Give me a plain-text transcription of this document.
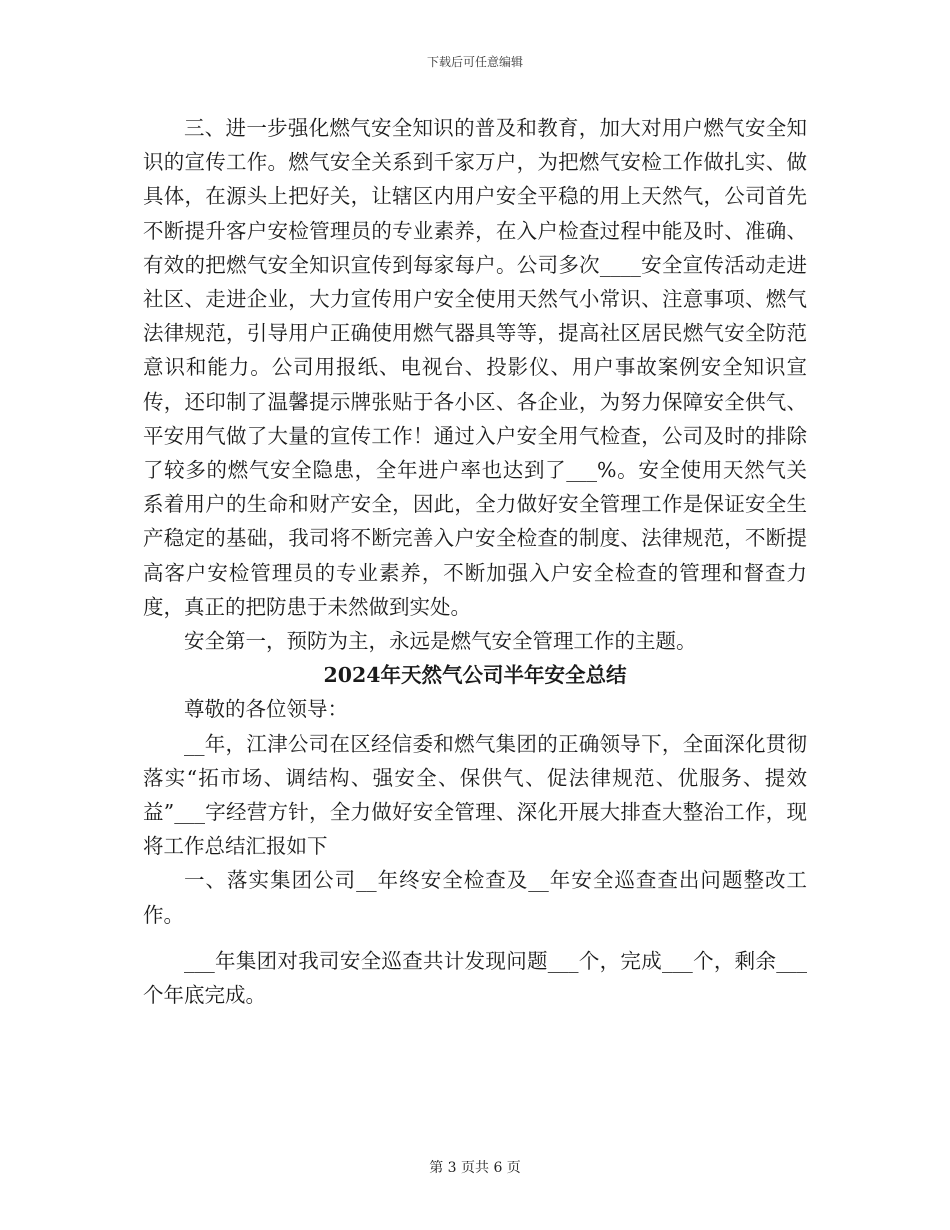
下载后可任意编辑

三、进一步强化燃气安全知识的普及和教育，加大对用户燃气安全知识的宣传工作。燃气安全关系到千家万户，为把燃气安检工作做扎实、做具体，在源头上把好关，让辖区内用户安全平稳的用上天然气，公司首先不断提升客户安检管理员的专业素养，在入户检查过程中能及时、准确、有效的把燃气安全知识宣传到每家每户。公司多次____安全宣传活动走进社区、走进企业，大力宣传用户安全使用天然气小常识、注意事项、燃气法律规范，引导用户正确使用燃气器具等等，提高社区居民燃气安全防范意识和能力。公司用报纸、电视台、投影仪、用户事故案例安全知识宣传，还印制了温馨提示牌张贴于各小区、各企业，为努力保障安全供气、平安用气做了大量的宣传工作！通过入户安全用气检查，公司及时的排除了较多的燃气安全隐患，全年进户率也达到了___%。安全使用天然气关系着用户的生命和财产安全，因此，全力做好安全管理工作是保证安全生产稳定的基础，我司将不断完善入户安全检查的制度、法律规范，不断提高客户安检管理员的专业素养，不断加强入户安全检查的管理和督查力度，真正的把防患于未然做到实处。

安全第一，预防为主，永远是燃气安全管理工作的主题。

2024年天然气公司半年安全总结

尊敬的各位领导：

__年，江津公司在区经信委和燃气集团的正确领导下，全面深化贯彻落实“拓市场、调结构、强安全、保供气、促法律规范、优服务、提效益”___字经营方针，全力做好安全管理、深化开展大排查大整治工作，现将工作总结汇报如下

一、落实集团公司__年终安全检查及__年安全巡查查出问题整改工作。

___年集团对我司安全巡查共计发现问题___个，完成___个，剩余___个年底完成。

第 3 页共 6 页
